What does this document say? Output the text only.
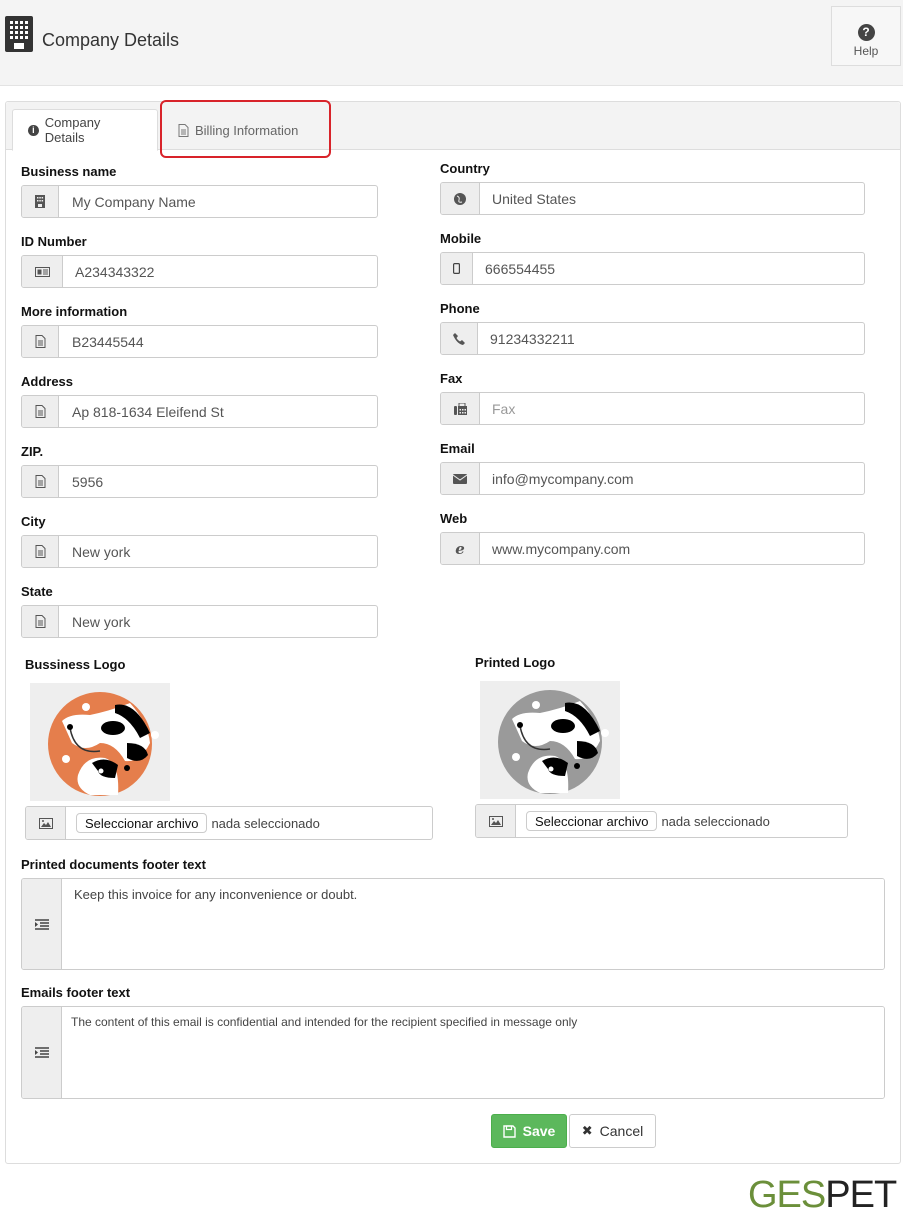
Company Details	?
Help
i Company Details	Billing Information
Bussiness Logo
Seleccionar archivo	nada seleccionado
Printed Logo
Seleccionar archivo	nada seleccionado
Printed documents footer text
Keep this invoice for any inconvenience or doubt.
Emails footer text
The content of this email is confidential and intended for the recipient specified in message only
Save ✖ Cancel
GESPET
Business name
My Company Name
ID Number
A234343322
More information
B23445544
Address
Ap 818-1634 Eleifend St
ZIP.
5956
City
New york
State
New york
Country
United States
Mobile
666554455
Phone
91234332211
Fax
Fax
Email
info@mycompany.com
Web
e
www.mycompany.com
